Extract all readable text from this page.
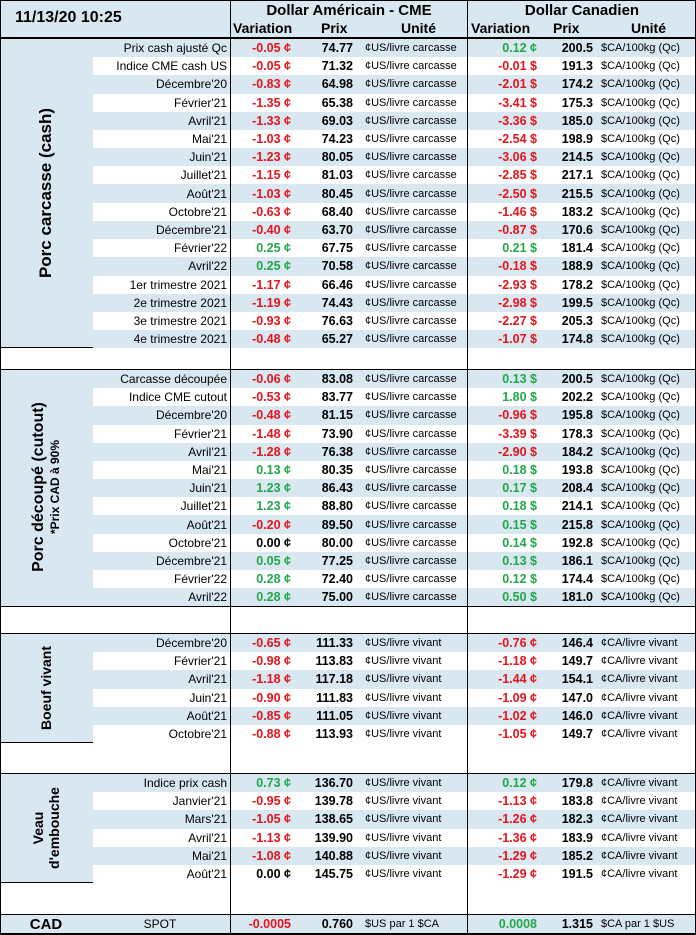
11/13/20 10:25	Dollar Américain - CME	Dollar Canadien
Variation Prix	Unité	Variation Prix	Unité
Porc carcasse (cash)
Prix cash ajusté Qc	-0.05 ¢	74.77 ¢US/livre carcasse	0.12 ¢	200.5 $CA/100kg (Qc)
Indice CME cash US	-0.05 ¢	71.32 ¢US/livre carcasse	-0.01 $	191.3 $CA/100kg (Qc)
Décembre'20	-0.83 ¢	64.98 ¢US/livre carcasse	-2.01 $	174.2 $CA/100kg (Qc)
Février'21	-1.35 ¢	65.38 ¢US/livre carcasse	-3.41 $	175.3 $CA/100kg (Qc)
Avril'21	-1.33 ¢	69.03 ¢US/livre carcasse	-3.36 $	185.0 $CA/100kg (Qc)
Mai'21	-1.03 ¢	74.23 ¢US/livre carcasse	-2.54 $	198.9 $CA/100kg (Qc)
Juin'21	-1.23 ¢	80.05 ¢US/livre carcasse	-3.06 $	214.5 $CA/100kg (Qc)
Juillet'21	-1.15 ¢	81.03 ¢US/livre carcasse	-2.85 $	217.1 $CA/100kg (Qc)
Août'21	-1.03 ¢	80.45 ¢US/livre carcasse	-2.50 $	215.5 $CA/100kg (Qc)
Octobre'21	-0.63 ¢	68.40 ¢US/livre carcasse	-1.46 $	183.2 $CA/100kg (Qc)
Décembre'21	-0.40 ¢	63.70 ¢US/livre carcasse	-0.87 $	170.6 $CA/100kg (Qc)
Février'22	0.25 ¢	67.75 ¢US/livre carcasse	0.21 $	181.4 $CA/100kg (Qc)
Avril'22	0.25 ¢	70.58 ¢US/livre carcasse	-0.18 $	188.9 $CA/100kg (Qc)
1er trimestre 2021	-1.17 ¢	66.46 ¢US/livre carcasse	-2.93 $	178.2 $CA/100kg (Qc)
2e trimestre 2021	-1.19 ¢	74.43 ¢US/livre carcasse	-2.98 $	199.5 $CA/100kg (Qc)
3e trimestre 2021	-0.93 ¢	76.63 ¢US/livre carcasse	-2.27 $	205.3 $CA/100kg (Qc)
4e trimestre 2021	-0.48 ¢	65.27 ¢US/livre carcasse	-1.07 $	174.8 $CA/100kg (Qc)
Porc découpé (cutout) *Prix CAD à 90%
Carcasse découpée	-0.06 ¢	83.08 ¢US/livre carcasse	0.13 $	200.5 $CA/100kg (Qc)
Indice CME cutout	-0.53 ¢	83.77 ¢US/livre carcasse	1.80 $	202.2 $CA/100kg (Qc)
Décembre'20	-0.48 ¢	81.15 ¢US/livre carcasse	-0.96 $	195.8 $CA/100kg (Qc)
Février'21	-1.48 ¢	73.90 ¢US/livre carcasse	-3.39 $	178.3 $CA/100kg (Qc)
Avril'21	-1.28 ¢	76.38 ¢US/livre carcasse	-2.90 $	184.2 $CA/100kg (Qc)
Mai'21	0.13 ¢	80.35 ¢US/livre carcasse	0.18 $	193.8 $CA/100kg (Qc)
Juin'21	1.23 ¢	86.43 ¢US/livre carcasse	0.17 $	208.4 $CA/100kg (Qc)
Juillet'21	1.23 ¢	88.80 ¢US/livre carcasse	0.18 $	214.1 $CA/100kg (Qc)
Août'21	-0.20 ¢	89.50 ¢US/livre carcasse	0.15 $	215.8 $CA/100kg (Qc)
Octobre'21	0.00 ¢	80.00 ¢US/livre carcasse	0.14 $	192.8 $CA/100kg (Qc)
Décembre'21	0.05 ¢	77.25 ¢US/livre carcasse	0.13 $	186.1 $CA/100kg (Qc)
Février'22	0.28 ¢	72.40 ¢US/livre carcasse	0.12 $	174.4 $CA/100kg (Qc)
Avril'22	0.28 ¢	75.00 ¢US/livre carcasse	0.50 $	181.0 $CA/100kg (Qc)
Boeuf vivant
Décembre'20	-0.65 ¢	111.33 ¢US/livre vivant	-0.76 ¢	146.4 ¢CA/livre vivant
Février'21	-0.98 ¢	113.83 ¢US/livre vivant	-1.18 ¢	149.7 ¢CA/livre vivant
Avril'21	-1.18 ¢	117.18 ¢US/livre vivant	-1.44 ¢	154.1 ¢CA/livre vivant
Juin'21	-0.90 ¢	111.83 ¢US/livre vivant	-1.09 ¢	147.0 ¢CA/livre vivant
Août'21	-0.85 ¢	111.05 ¢US/livre vivant	-1.02 ¢	146.0 ¢CA/livre vivant
Octobre'21	-0.88 ¢	113.93 ¢US/livre vivant	-1.05 ¢	149.7 ¢CA/livre vivant
Veau d'embouche
Indice prix cash	0.73 ¢	136.70 ¢US/livre vivant	0.12 ¢	179.8 ¢CA/livre vivant
Janvier'21	-0.95 ¢	139.78 ¢US/livre vivant	-1.13 ¢	183.8 ¢CA/livre vivant
Mars'21	-1.05 ¢	138.65 ¢US/livre vivant	-1.26 ¢	182.3 ¢CA/livre vivant
Avril'21	-1.13 ¢	139.90 ¢US/livre vivant	-1.36 ¢	183.9 ¢CA/livre vivant
Mai'21	-1.08 ¢	140.88 ¢US/livre vivant	-1.29 ¢	185.2 ¢CA/livre vivant
Août'21	0.00 ¢	145.75 ¢US/livre vivant	-1.29 ¢	191.5 ¢CA/livre vivant
CAD	SPOT	-0.0005	0.760 $US par 1 $CA	0.0008	1.315 $CA par 1 $US
